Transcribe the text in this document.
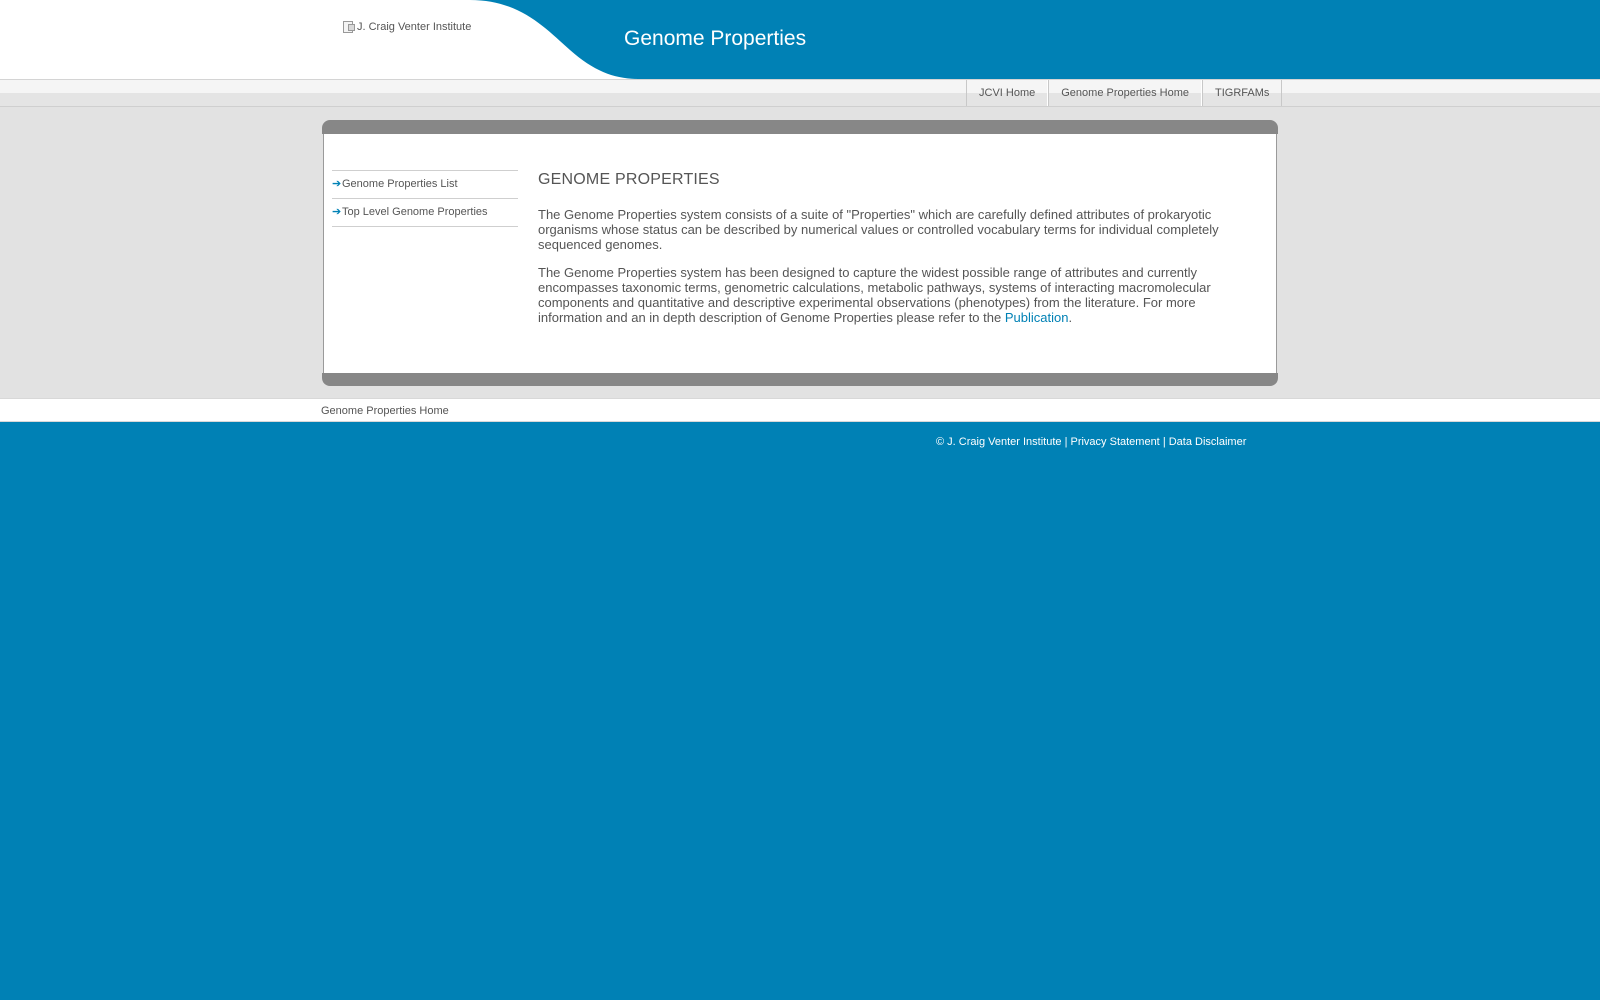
J. Craig Venter Institute	Genome Properties
JCVI Home	Genome Properties Home	TIGRFAMs
➔ Genome Properties List
➔ Top Level Genome Properties
GENOME PROPERTIES

The Genome Properties system consists of a suite of "Properties" which are carefully defined attributes of prokaryotic organisms whose status can be described by numerical values or controlled vocabulary terms for individual completely sequenced genomes.

The Genome Properties system has been designed to capture the widest possible range of attributes and currently encompasses taxonomic terms, genometric calculations, metabolic pathways, systems of interacting macromolecular components and quantitative and descriptive experimental observations (phenotypes) from the literature. For more information and an in depth description of Genome Properties please refer to the Publication.

Genome Properties Home
© J. Craig Venter Institute | Privacy Statement | Data Disclaimer
